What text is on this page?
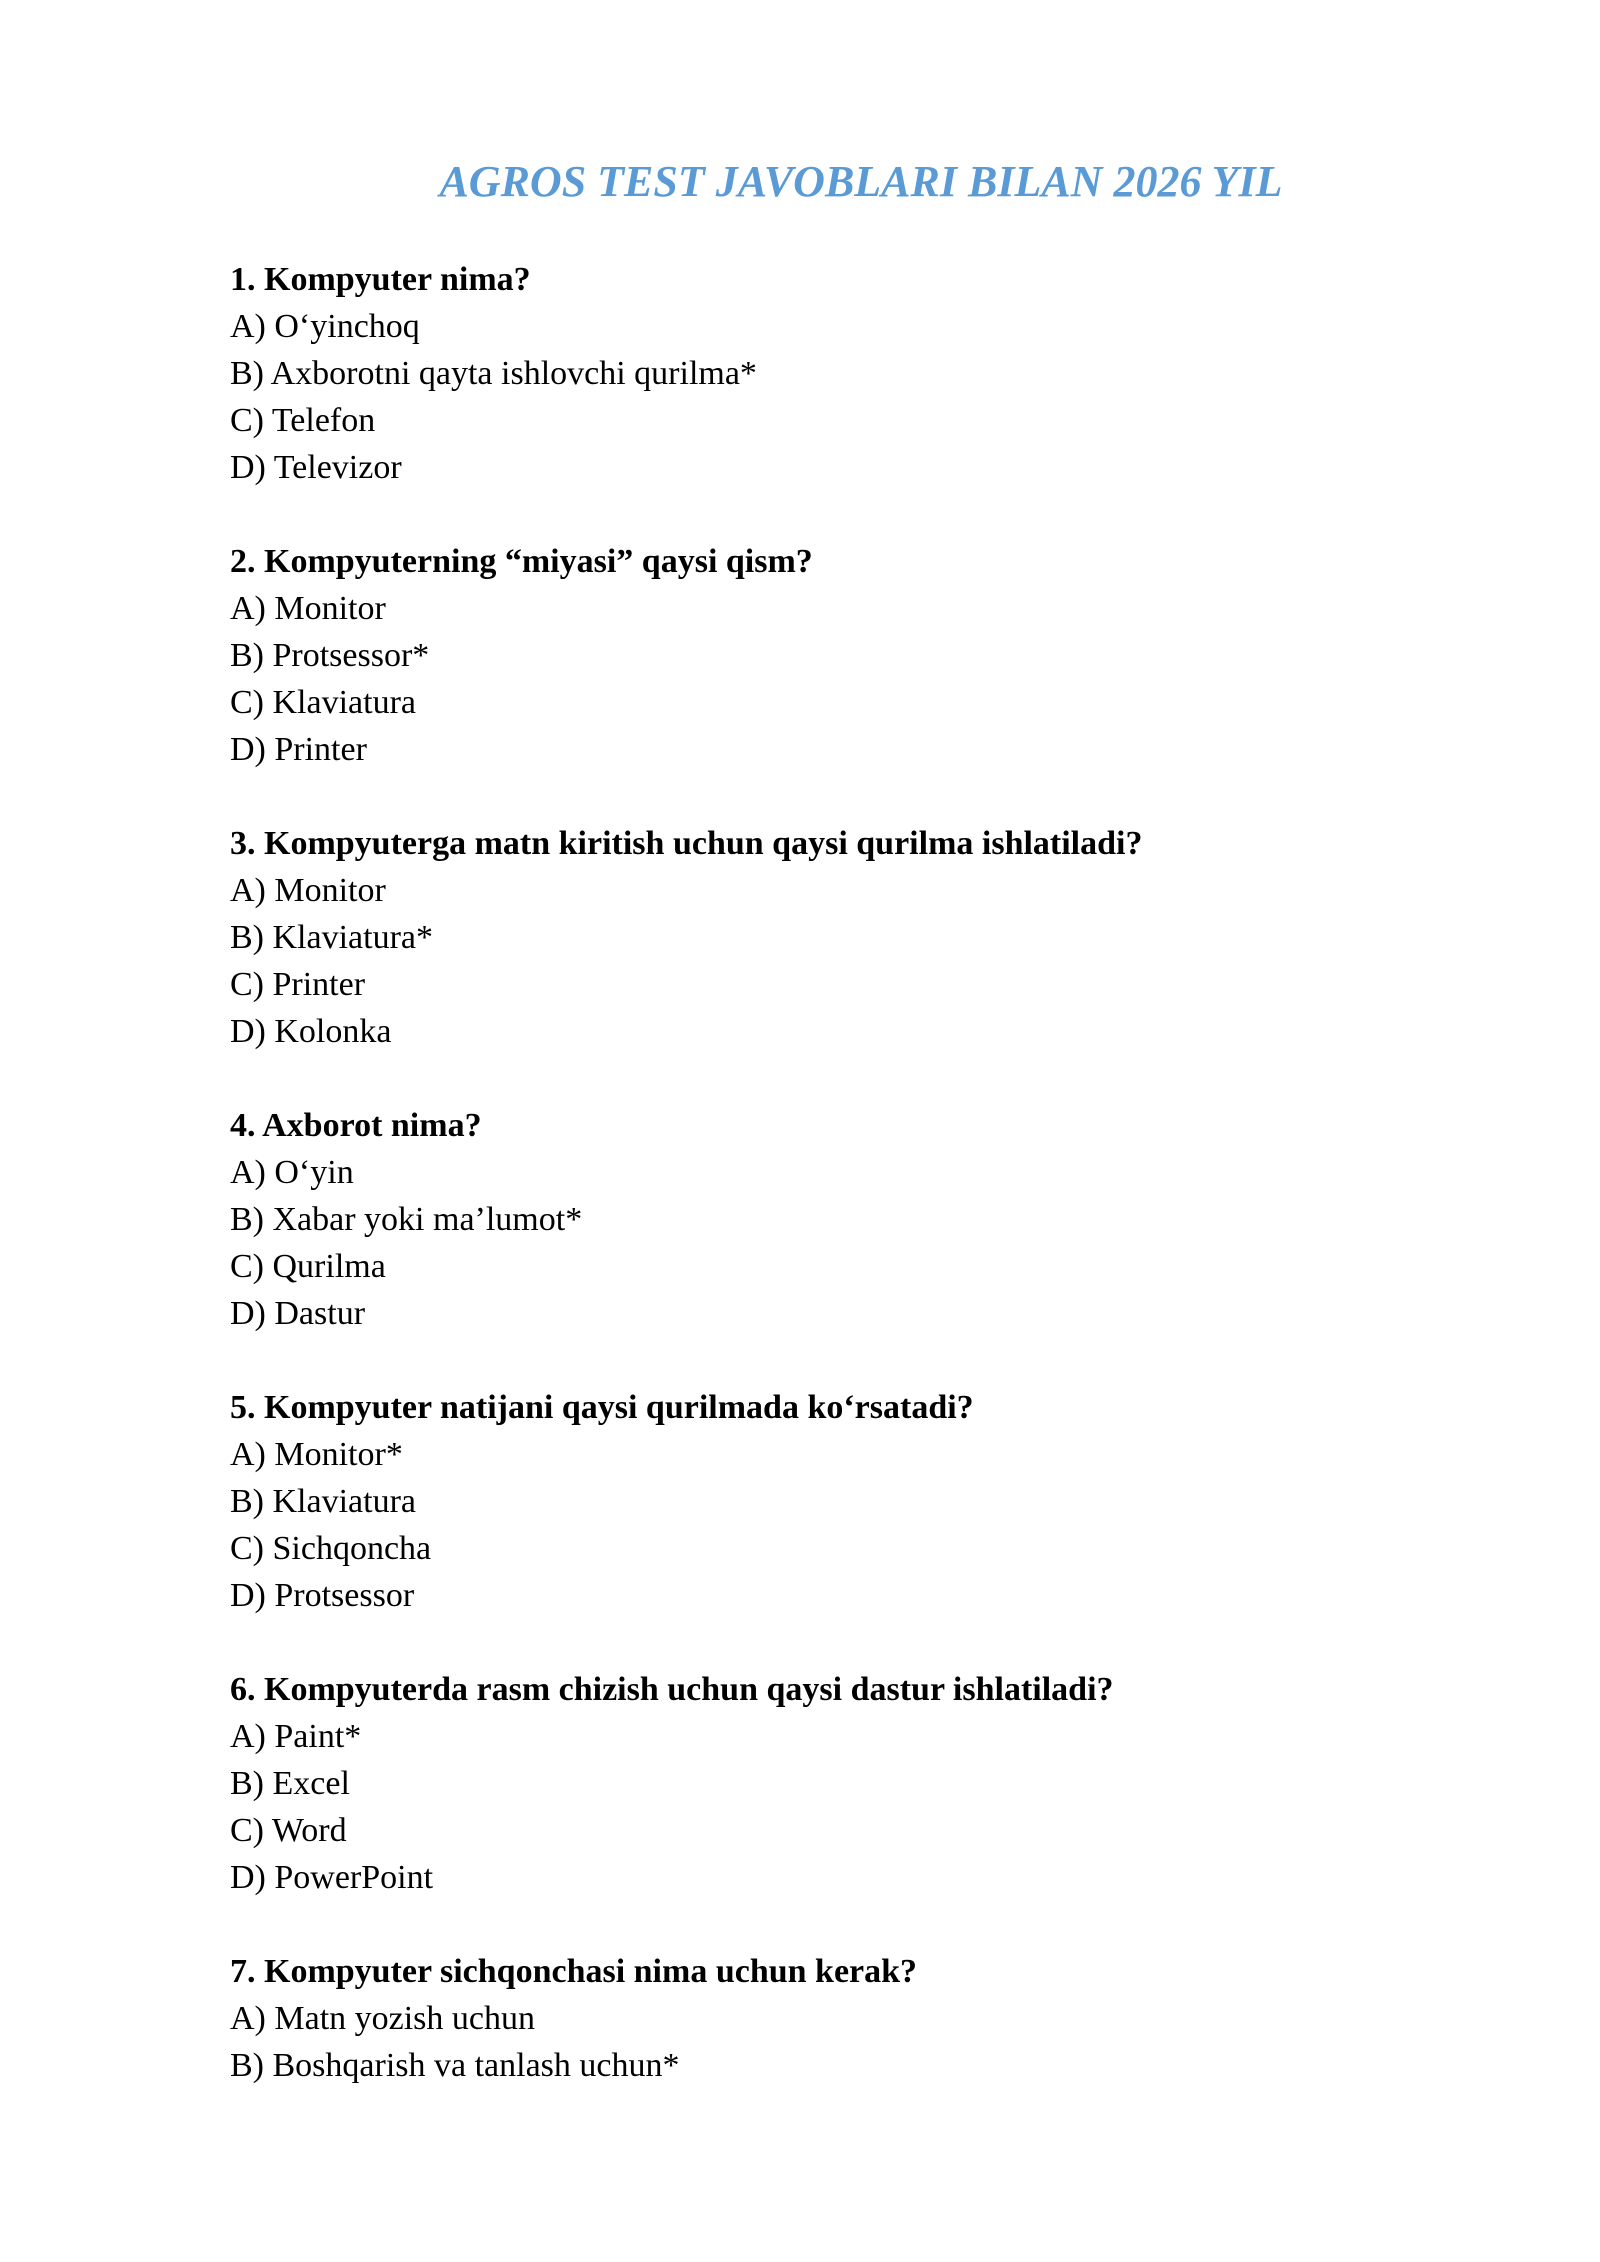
AGROS TEST JAVOBLARI BILAN 2026 YIL
1. Kompyuter nima?
A) O‘yinchoq
B) Axborotni qayta ishlovchi qurilma*
C) Telefon
D) Televizor
2. Kompyuterning “miyasi” qaysi qism?
A) Monitor
B) Protsessor*
C) Klaviatura
D) Printer
3. Kompyuterga matn kiritish uchun qaysi qurilma ishlatiladi?
A) Monitor
B) Klaviatura*
C) Printer
D) Kolonka
4. Axborot nima?
A) O‘yin
B) Xabar yoki ma’lumot*
C) Qurilma
D) Dastur
5. Kompyuter natijani qaysi qurilmada ko‘rsatadi?
A) Monitor*
B) Klaviatura
C) Sichqoncha
D) Protsessor
6. Kompyuterda rasm chizish uchun qaysi dastur ishlatiladi?
A) Paint*
B) Excel
C) Word
D) PowerPoint
7. Kompyuter sichqonchasi nima uchun kerak?
A) Matn yozish uchun
B) Boshqarish va tanlash uchun*
